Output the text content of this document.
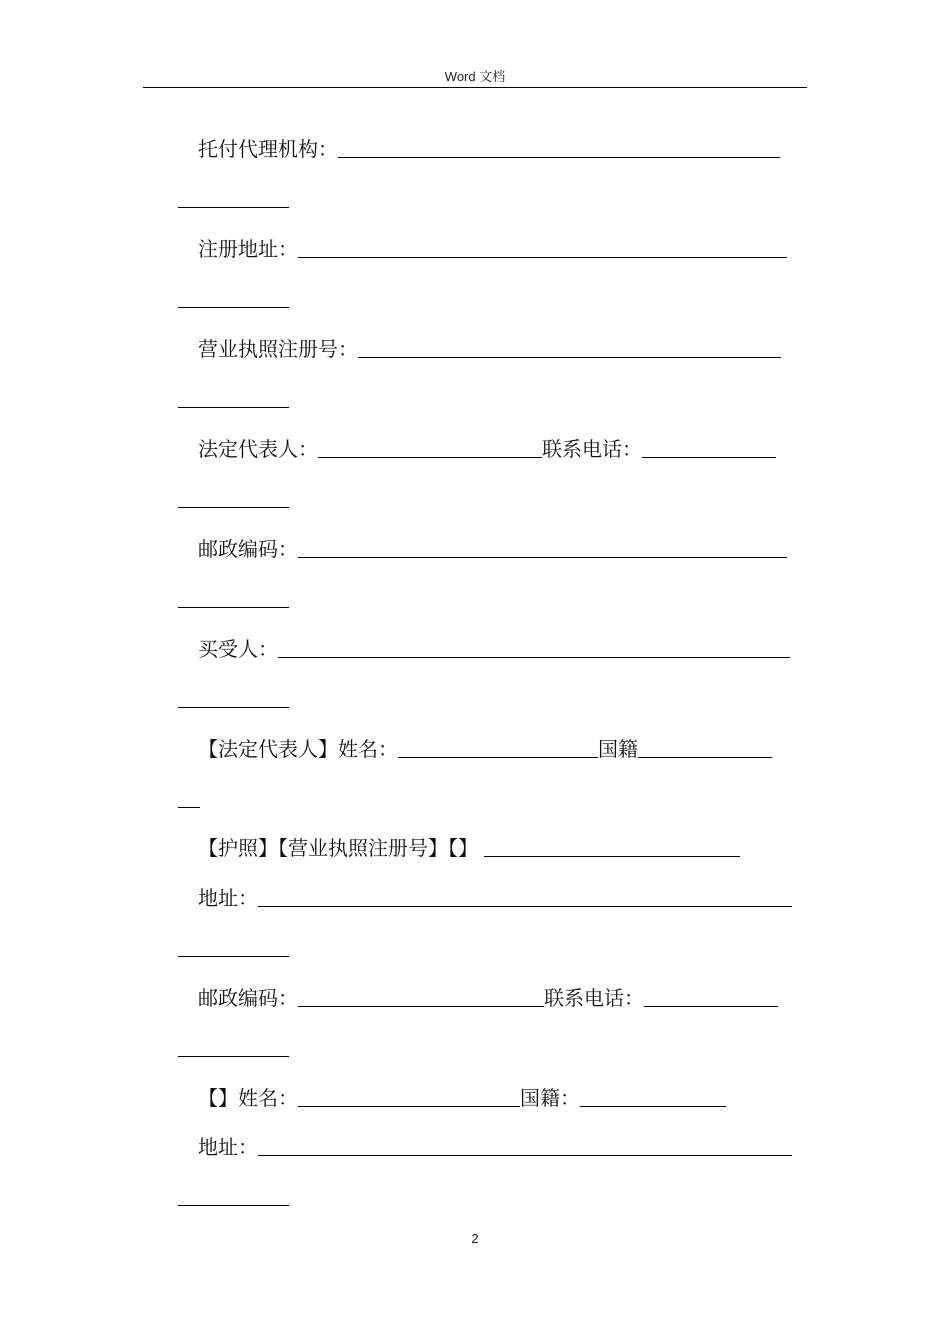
Word 文档
托付代理机构：
注册地址：
营业执照注册号：
法定代表人：	联系电话：
邮政编码：
买受人：
【法定代表人】姓名：	国籍
【护照】【营业执照注册号】【】
地址：
邮政编码：	联系电话：
【】姓名：	国籍：
地址：
2
